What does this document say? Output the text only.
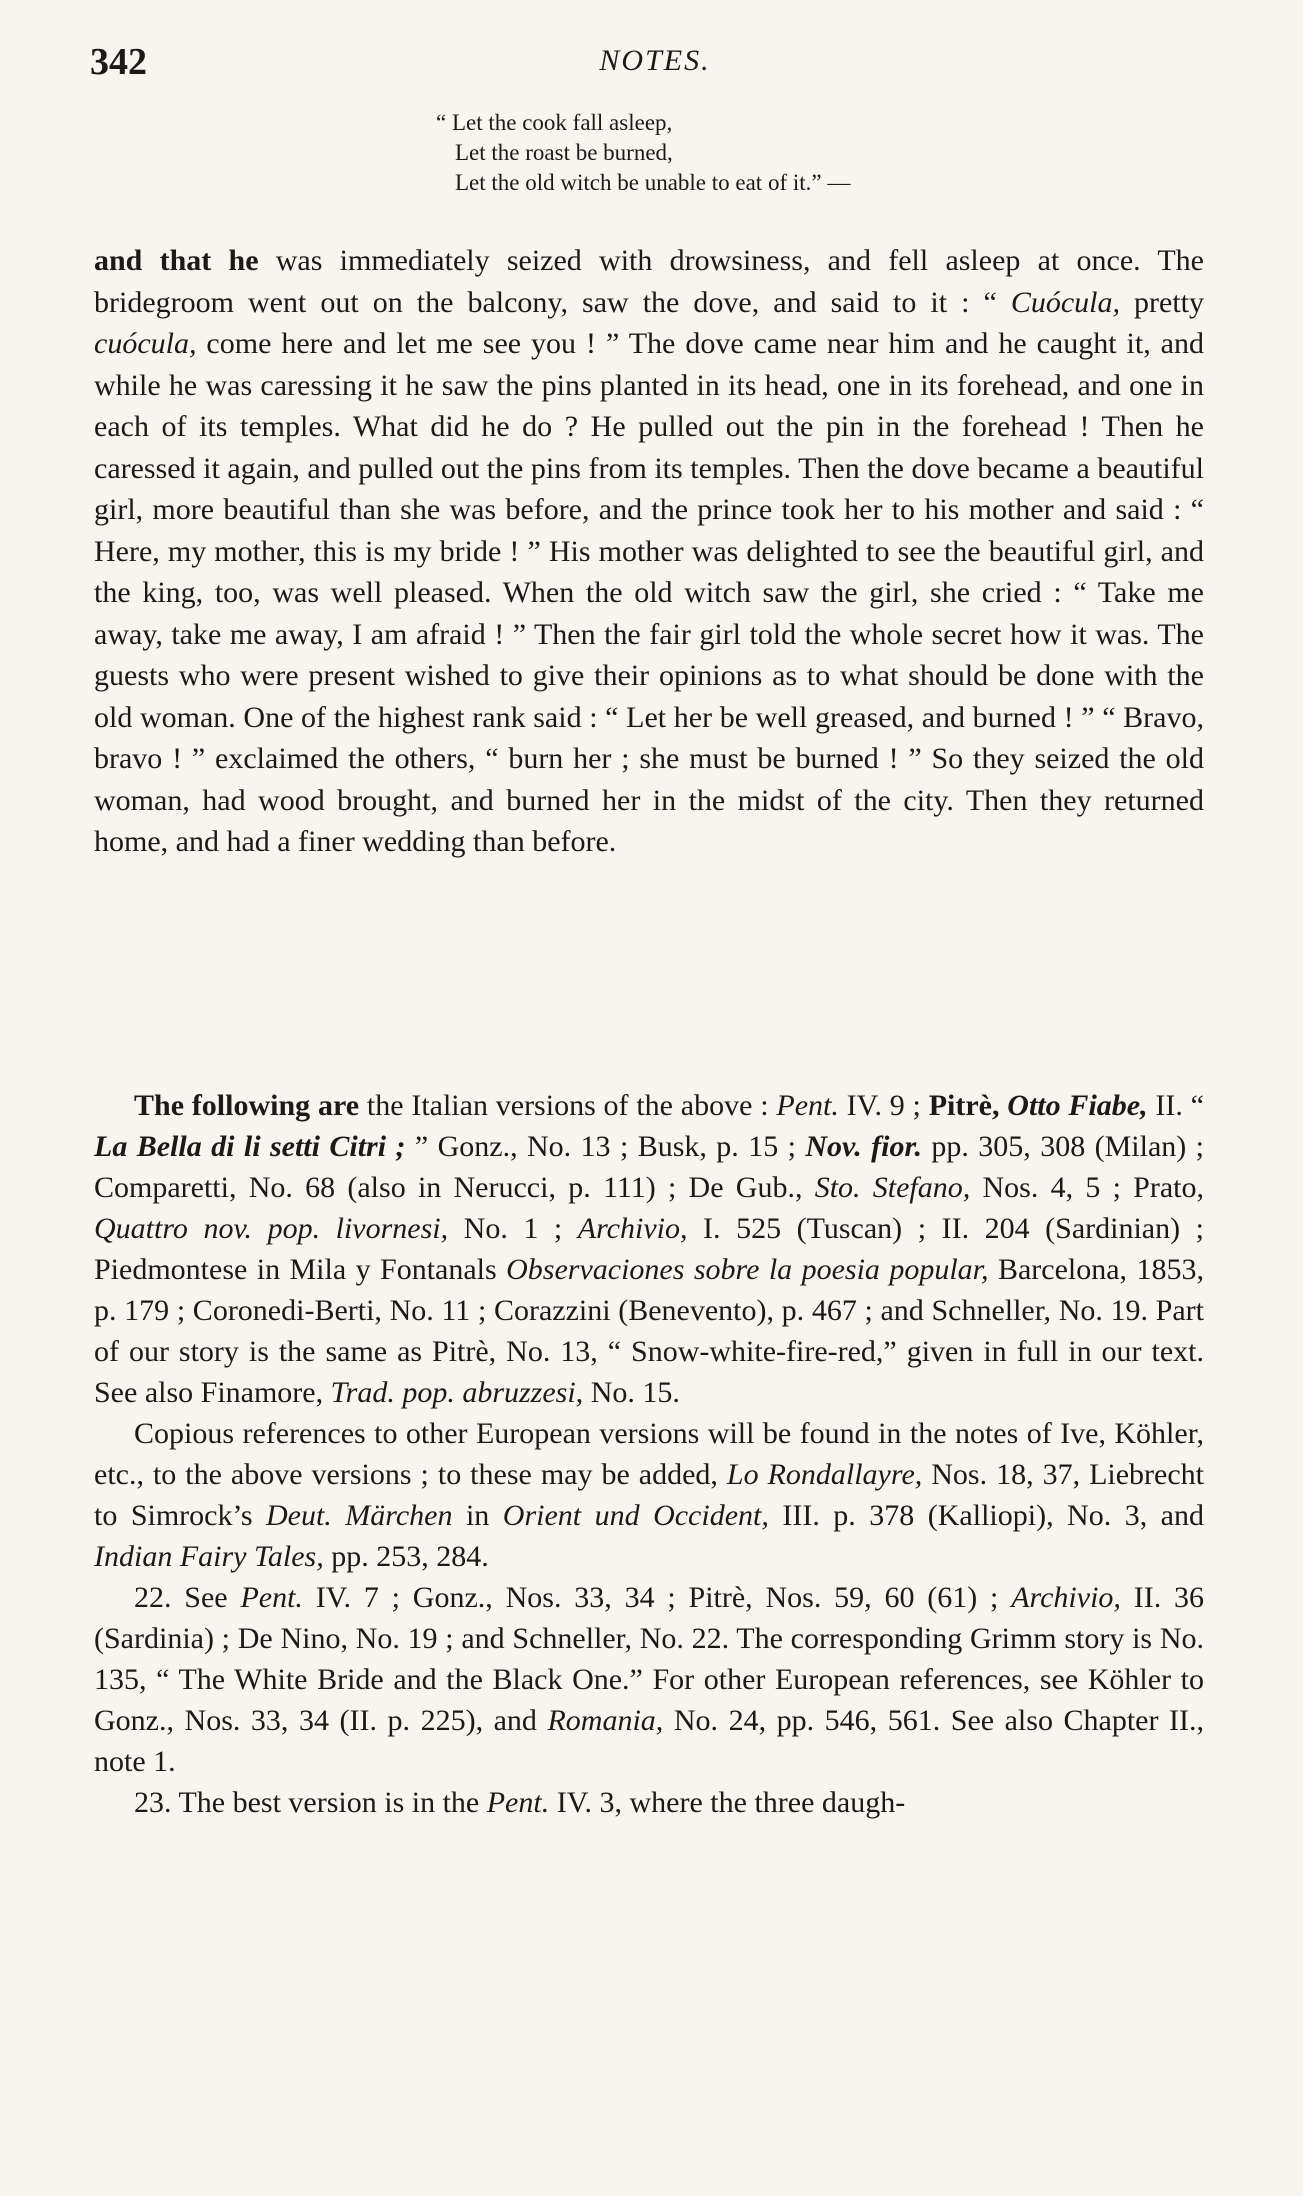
342	NOTES.
“ Let the cook fall asleep,
Let the roast be burned,
Let the old witch be unable to eat of it.” —

and that he was immediately seized with drowsiness, and fell asleep at once. The bridegroom went out on the balcony, saw the dove, and said to it : “ Cuócula, pretty cuócula, come here and let me see you ! ” The dove came near him and he caught it, and while he was caressing it he saw the pins planted in its head, one in its forehead, and one in each of its temples. What did he do ? He pulled out the pin in the forehead ! Then he caressed it again, and pulled out the pins from its temples. Then the dove became a beautiful girl, more beautiful than she was before, and the prince took her to his mother and said : “ Here, my mother, this is my bride ! ” His mother was delighted to see the beautiful girl, and the king, too, was well pleased. When the old witch saw the girl, she cried : “ Take me away, take me away, I am afraid ! ” Then the fair girl told the whole secret how it was. The guests who were present wished to give their opinions as to what should be done with the old woman. One of the highest rank said : “ Let her be well greased, and burned ! ” “ Bravo, bravo ! ” exclaimed the others, “ burn her ; she must be burned ! ” So they seized the old woman, had wood brought, and burned her in the midst of the city. Then they returned home, and had a finer wedding than before.

The following are the Italian versions of the above : Pent. IV. 9 ; Pitrè, Otto Fiabe, II. “ La Bella di li setti Citri ; ” Gonz., No. 13 ; Busk, p. 15 ; Nov. fior. pp. 305, 308 (Milan) ; Comparetti, No. 68 (also in Nerucci, p. 111) ; De Gub., Sto. Stefano, Nos. 4, 5 ; Prato, Quattro nov. pop. livornesi, No. 1 ; Archivio, I. 525 (Tuscan) ; II. 204 (Sardinian) ; Piedmontese in Mila y Fontanals Observaciones sobre la poesia popular, Barcelona, 1853, p. 179 ; Coronedi-Berti, No. 11 ; Corazzini (Benevento), p. 467 ; and Schneller, No. 19. Part of our story is the same as Pitrè, No. 13, “ Snow-white-fire-red,” given in full in our text. See also Finamore, Trad. pop. abruzzesi, No. 15.

Copious references to other European versions will be found in the notes of Ive, Köhler, etc., to the above versions ; to these may be added, Lo Rondallayre, Nos. 18, 37, Liebrecht to Simrock’s Deut. Märchen in Orient und Occident, III. p. 378 (Kalliopi), No. 3, and Indian Fairy Tales, pp. 253, 284.

22. See Pent. IV. 7 ; Gonz., Nos. 33, 34 ; Pitrè, Nos. 59, 60 (61) ; Archivio, II. 36 (Sardinia) ; De Nino, No. 19 ; and Schneller, No. 22. The corresponding Grimm story is No. 135, “ The White Bride and the Black One.” For other European references, see Köhler to Gonz., Nos. 33, 34 (II. p. 225), and Romania, No. 24, pp. 546, 561. See also Chapter II., note 1.

23. The best version is in the Pent. IV. 3, where the three daugh-
